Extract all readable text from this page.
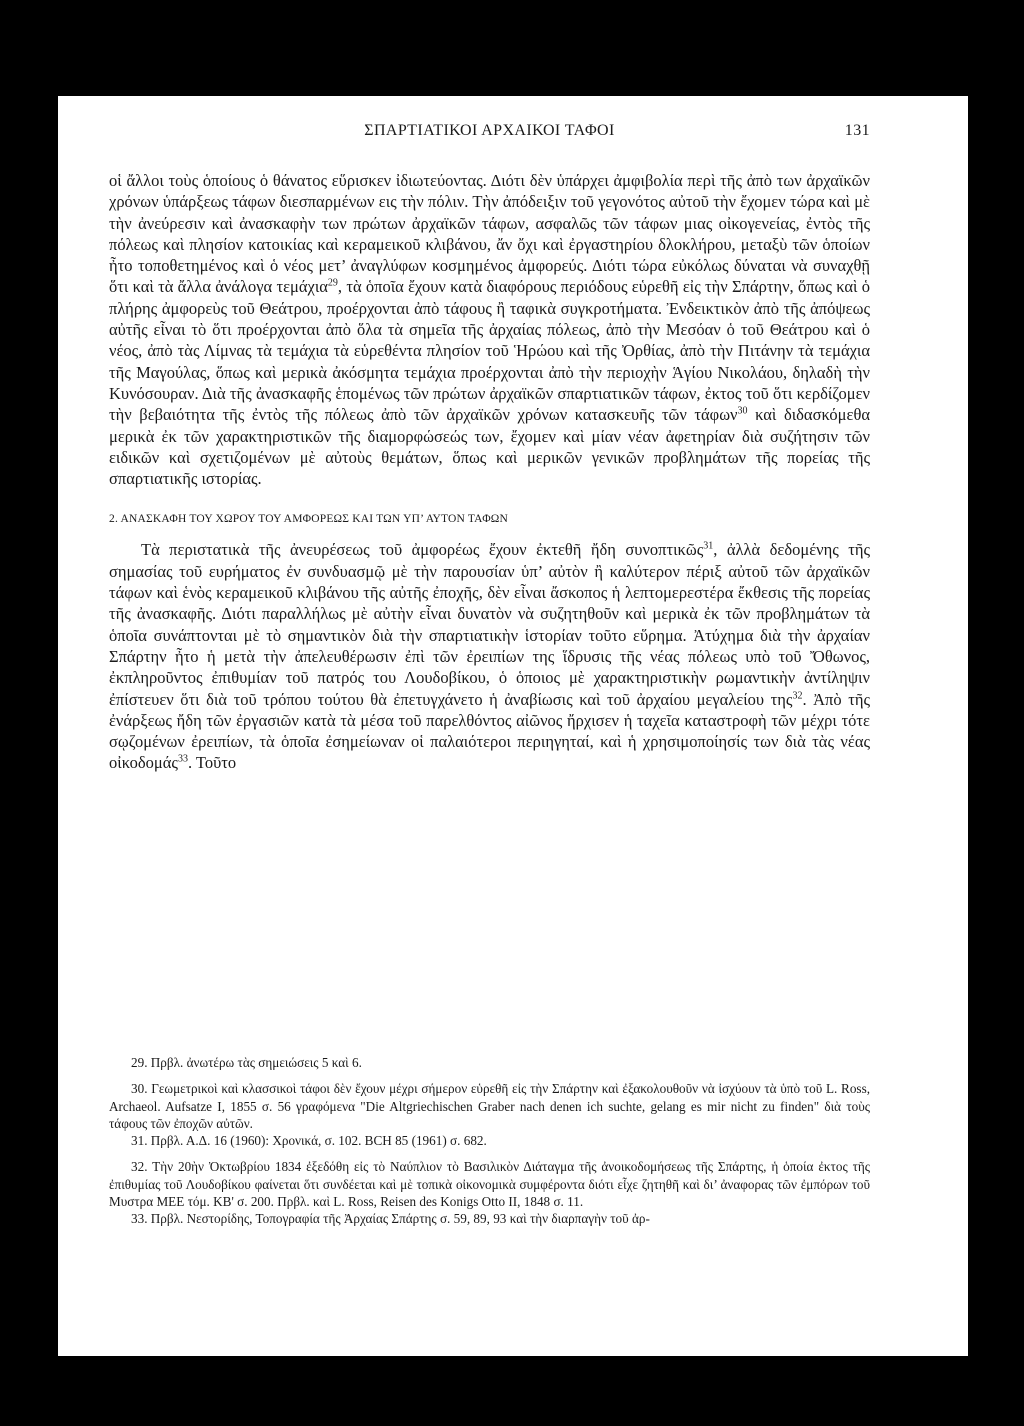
ΣΠΑΡΤΙΑΤΙΚΟΙ ΑΡΧΑΙΚΟΙ ΤΑΦΟΙ	131

οἱ ἄλλοι τοὺς ὁποίους ὁ θάνατος εὕρισκεν ἰδιωτεύοντας. Διότι δὲν ὑπάρχει ἀμφιβολία περὶ τῆς ἀπὸ των ἀρχαϊκῶν χρόνων ὑπάρξεως τάφων διεσπαρμένων εις τὴν πόλιν. Τὴν ἀπόδειξιν τοῦ γεγονότος αὐτοῦ τὴν ἔχομεν τώρα καὶ μὲ τὴν ἀνεύρεσιν καὶ ἀνασκαφὴν των πρώτων ἀρχαϊκῶν τάφων, ασφαλῶς τῶν τάφων μιας οἰκογενείας, ἐντὸς τῆς πόλεως καὶ πλησίον κατοικίας καὶ κεραμεικοῦ κλιβάνου, ἄν ὄχι καὶ ἐργαστηρίου δλοκλήρου, μεταξὺ τῶν ὁποίων ἦτο τοποθετημένος καὶ ὁ νέος μετ’ ἀναγλύφων κοσμημένος ἀμφορεύς. Διότι τώρα εὐκόλως δύναται νὰ συναχθῇ ὅτι καὶ τὰ ἄλλα ἀνάλογα τεμάχια$^{29}$, τὰ ὁποῖα ἔχουν κατὰ διαφόρους περιόδους εὑρεθῆ εἰς τὴν Σπάρτην, ὅπως καὶ ὁ πλήρης ἀμφορεὺς τοῦ Θεάτρου, προέρχονται ἀπὸ τάφους ἢ ταφικὰ συγκροτήματα. Ἐνδεικτικὸν ἀπὸ τῆς ἀπόψεως αὐτῆς εἶναι τὸ ὅτι προέρχονται ἀπὸ ὅλα τὰ σημεῖα τῆς ἀρχαίας πόλεως, ἀπὸ τὴν Μεσόαν ὁ τοῦ Θεάτρου καὶ ὁ νέος, ἀπὸ τὰς Λίμνας τὰ τεμάχια τὰ εὑρεθέντα πλησίον τοῦ Ἡρώου καὶ τῆς Ὀρθίας, ἀπὸ τὴν Πιτάνην τὰ τεμάχια τῆς Μαγούλας, ὅπως καὶ μερικὰ ἀκόσμητα τεμάχια προέρχονται ἀπὸ τὴν περιοχὴν Ἁγίου Νικολάου, δηλαδὴ τὴν Κυνόσουραν. Διὰ τῆς ἀνασκαφῆς ἑπομένως τῶν πρώτων ἀρχαϊκῶν σπαρτιατικῶν τάφων, ἐκτος τοῦ ὅτι κερδίζομεν τὴν βεβαιότητα τῆς ἐντὸς τῆς πόλεως ἀπὸ τῶν ἀρχαϊκῶν χρόνων κατασκευῆς τῶν τάφων$^{30}$ καὶ διδασκόμεθα μερικὰ ἐκ τῶν χαρακτηριστικῶν τῆς διαμορφώσεώς των, ἔχομεν καὶ μίαν νέαν ἀφετηρίαν διὰ συζήτησιν τῶν ειδικῶν καὶ σχετιζομένων μὲ αὐτοὺς θεμάτων, ὅπως καὶ μερικῶν γενικῶν προβλημάτων τῆς πορείας τῆς σπαρτιατικῆς ιστορίας.

2. ΑΝΑΣΚΑΦΗ ΤΟΥ ΧΩΡΟΥ ΤΟΥ ΑΜΦΟΡΕΩΣ ΚΑΙ ΤΩΝ ΥΠ’ ΑΥΤΟΝ ΤΑΦΩΝ

Τὰ περιστατικὰ τῆς ἀνευρέσεως τοῦ ἀμφορέως ἔχουν ἐκτεθῆ ἤδη συνοπτικῶς$^{31}$, ἀλλὰ δεδομένης τῆς σημασίας τοῦ ευρήματος ἐν συνδυασμῷ μὲ τὴν παρουσίαν ὑπ’ αὐτὸν ἢ καλύτερον πέριξ αὐτοῦ τῶν ἀρχαϊκῶν τάφων καὶ ἑνὸς κεραμεικοῦ κλιβάνου τῆς αὐτῆς ἐποχῆς, δὲν εἶναι ἄσκοπος ἡ λεπτομερεστέρα ἔκθεσις τῆς πορείας τῆς ἀνασκαφῆς. Διότι παραλλήλως μὲ αὐτὴν εἶναι δυνατὸν νὰ συζητηθοῦν καὶ μερικὰ ἐκ τῶν προβλημάτων τὰ ὁποῖα συνάπτονται μὲ τὸ σημαντικὸν διὰ τὴν σπαρτιατικὴν ἱστορίαν τοῦτο εὕρημα. Ἀτύχημα διὰ τὴν ἀρχαίαν Σπάρτην ἦτο ἡ μετὰ τὴν ἀπελευθέρωσιν ἐπὶ τῶν ἐρειπίων της ἵδρυσις τῆς νέας πόλεως υπὸ τοῦ Ὄθωνος, ἐκπληροῦντος ἐπιθυμίαν τοῦ πατρός του Λουδοβίκου, ὁ ὁποιος μὲ χαρακτηριστικὴν ρωμαντικὴν ἀντίληψιν ἐπίστευεν ὅτι διὰ τοῦ τρόπου τούτου θὰ ἐπετυγχάνετο ἡ ἀναβίωσις καὶ τοῦ ἀρχαίου μεγαλείου της$^{32}$. Ἀπὸ τῆς ἐνάρξεως ἤδη τῶν ἐργασιῶν κατὰ τὰ μέσα τοῦ παρελθόντος αἰῶνος ἤρχισεν ἡ ταχεῖα καταστροφὴ τῶν μέχρι τότε σῳζομένων ἐρειπίων, τὰ ὁποῖα ἐσημείωναν οἱ παλαιότεροι περιηγηταί, καὶ ἡ χρησιμοποίησίς των διὰ τὰς νέας οἰκοδομάς$^{33}$. Τοῦτο

29. Πρβλ. ἀνωτέρω τὰς σημειώσεις 5 καὶ 6.

30. Γεωμετρικοὶ καὶ κλασσικοὶ τάφοι δὲν ἔχουν μέχρι σήμερον εὑρεθῆ εἰς τὴν Σπάρτην καὶ ἐξακολουθοῦν νὰ ἰσχύουν τὰ ὑπὸ τοῦ L. Ross, Archaeol. Aufsatze I, 1855 σ. 56 γραφόμενα "Die Altgriechischen Graber nach denen ich suchte, gelang es mir nicht zu finden" διὰ τοὺς τάφους τῶν ἐποχῶν αὐτῶν.

31. Πρβλ. Α.Δ. 16 (1960): Χρονικά, σ. 102. BCH 85 (1961) σ. 682.

32. Τὴν 20ὴν Ὀκτωβρίου 1834 ἐξεδόθη εἰς τὸ Ναύπλιον τὸ Βασιλικὸν Διάταγμα τῆς ἀνοικοδομήσεως τῆς Σπάρτης, ἡ ὁποία ἐκτος τῆς ἐπιθυμίας τοῦ Λουδοβίκου φαίνεται ὅτι συνδέεται καὶ μὲ τοπικὰ οἰκονομικὰ συμφέροντα διότι εἶχε ζητηθῆ καὶ δι’ ἀναφορας τῶν ἐμπόρων τοῦ Μυστρα ΜΕΕ τόμ. ΚΒ' σ. 200. Πρβλ. καὶ L. Ross, Reisen des Konigs Otto II, 1848 σ. 11.

33. Πρβλ. Νεστορίδης, Τοπογραφία τῆς Ἀρχαίας Σπάρτης σ. 59, 89, 93 καὶ τὴν διαρπαγὴν τοῦ ἀρ-
